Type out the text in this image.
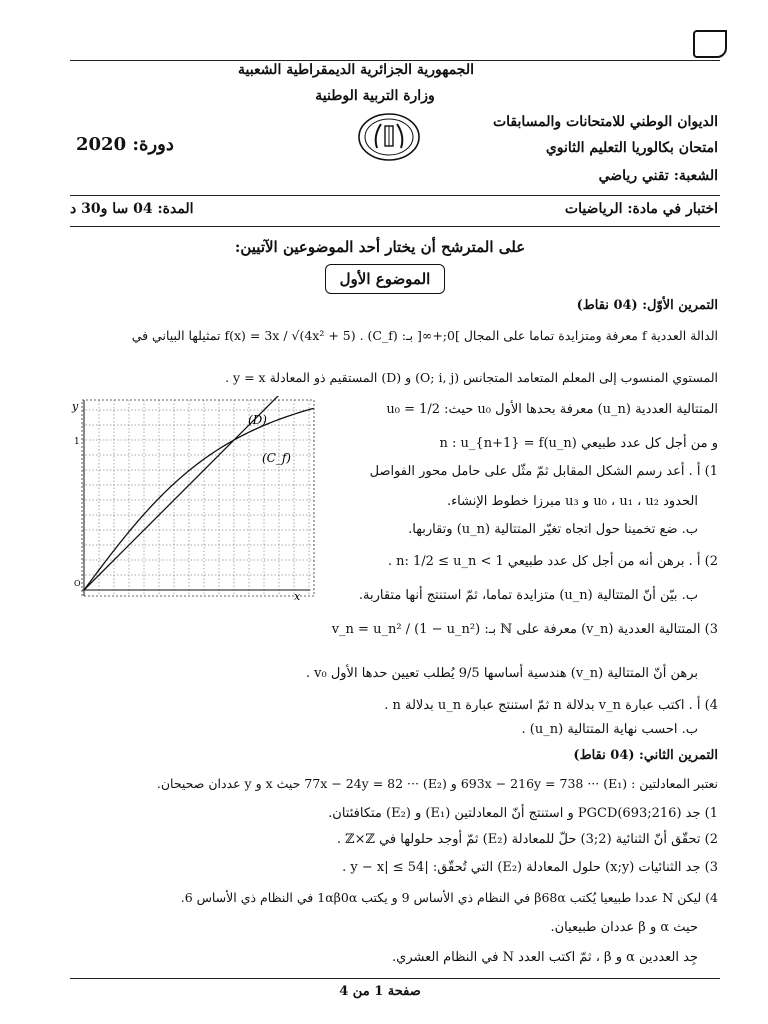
الجمهورية الجزائرية الديمقراطية الشعبية
وزارة التربية الوطنية
الديوان الوطني للامتحانات والمسابقات
امتحان بكالوريا التعليم الثانوي
الشعبة: تقني رياضي
دورة: 2020
اختبار في مادة: الرياضيات
المدة: 04 سا و30 د
على المترشح أن يختار أحد الموضوعين الآتيين:
الموضوع الأول
التمرين الأوّل: (04 نقاط)
الدالة العددية f معرفة ومتزايدة تماما على المجال ]0;+∞[ بـ: f(x) = 3x / √(4x² + 5) . (C_f) تمثيلها البياني في
المستوي المنسوب إلى المعلم المتعامد المتجانس (O; i, j) و (D) المستقيم ذو المعادلة y = x .
المتتالية العددية (u_n) معرفة بحدها الأول u₀ حيث: u₀ = 1/2
و من أجل كل عدد طبيعي n : u_{n+1} = f(u_n)
1) أ . أعد رسم الشكل المقابل ثمّ مثّل على حامل محور الفواصل
الحدود u₀ ، u₁ ، u₂ و u₃ مبرزا خطوط الإنشاء.
ب. ضع تخمينا حول اتجاه تغيّر المتتالية (u_n) وتقاربها.
2) أ . برهن أنه من أجل كل عدد طبيعي n: 1/2 ≤ u_n < 1 .
ب. بيّن أنّ المتتالية (u_n) متزايدة تماما، ثمّ استنتج أنها متقاربة.
3) المتتالية العددية (v_n) معرفة على ℕ بـ: v_n = u_n² / (1 − u_n²)
برهن أنّ المتتالية (v_n) هندسية أساسها 9/5 يُطلب تعيين حدها الأول v₀ .
4) أ . اكتب عبارة v_n بدلالة n ثمّ استنتج عبارة u_n بدلالة n .
ب. احسب نهاية المتتالية (u_n) .
التمرين الثاني: (04 نقاط)
نعتبر المعادلتين : (E₁) ··· 693x − 216y = 738 و (E₂) ··· 77x − 24y = 82 حيث x و y عددان صحيحان.
1) جد PGCD(693;216) و استنتج أنّ المعادلتين (E₁) و (E₂) متكافئتان.
2) تحقّق أنّ الثنائية (2;3) حلّ للمعادلة (E₂) ثمّ أوجد حلولها في ℤ×ℤ .
3) جد الثنائيات (x;y) حلول المعادلة (E₂) التي تُحقّق: |y − x| ≤ 54 .
4) ليكن N عددا طبيعيا يُكتب β68α في النظام ذي الأساس 9 و يكتب 1αβ0α في النظام ذي الأساس 6.
حيث α و β عددان طبيعيان.
جِد العددين α و β ، ثمّ اكتب العدد N في النظام العشري.
صفحة 1 من 4
(D)
(C_f)
y
x
1
O
